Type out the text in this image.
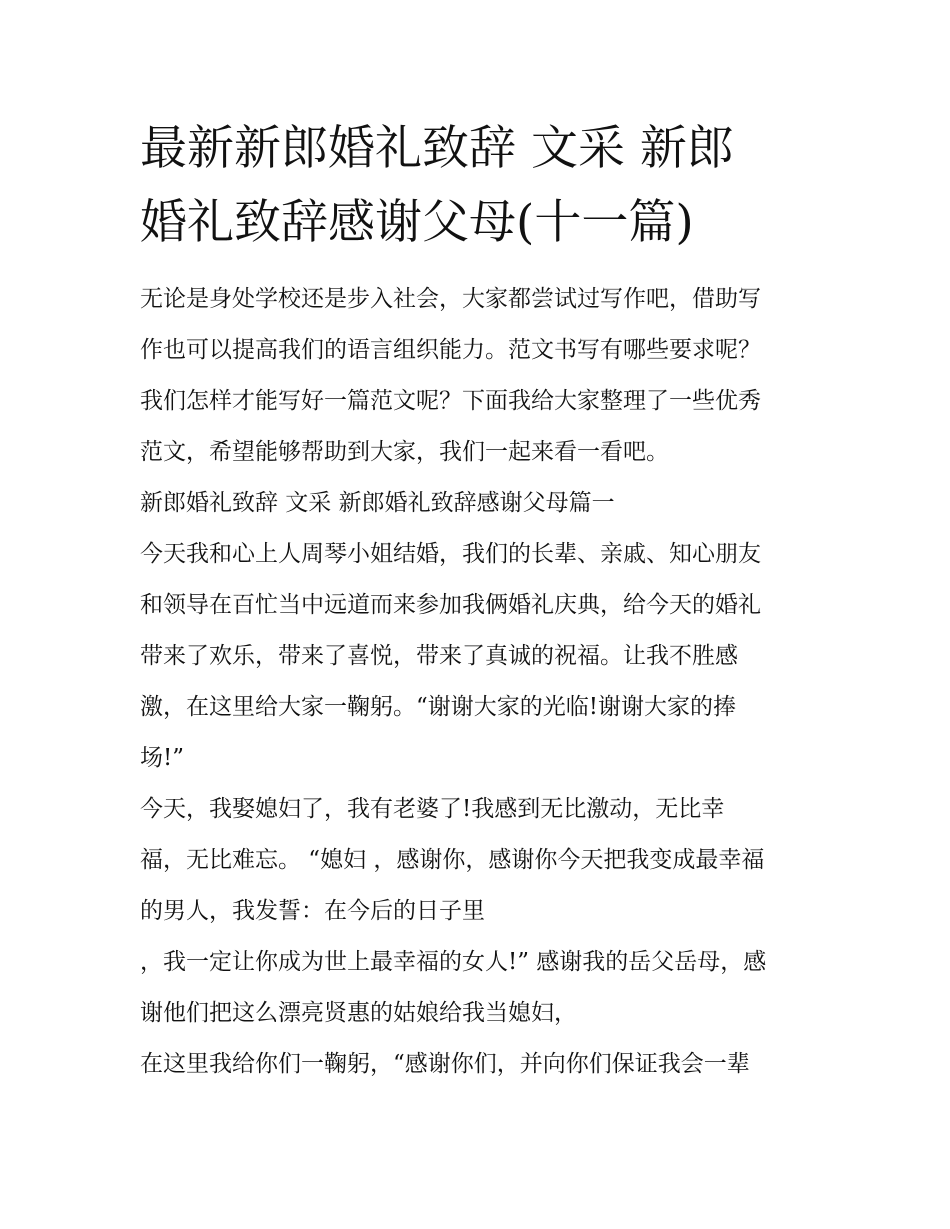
最新新郎婚礼致辞 文采 新郎
婚礼致辞感谢父母(十一篇)
无论是身处学校还是步入社会，大家都尝试过写作吧，借助写
作也可以提高我们的语言组织能力。范文书写有哪些要求呢？
我们怎样才能写好一篇范文呢？下面我给大家整理了一些优秀
范文，希望能够帮助到大家，我们一起来看一看吧。
新郎婚礼致辞 文采 新郎婚礼致辞感谢父母篇一
今天我和心上人周琴小姐结婚，我们的长辈、亲戚、知心朋友
和领导在百忙当中远道而来参加我俩婚礼庆典，给今天的婚礼
带来了欢乐，带来了喜悦，带来了真诚的祝福。让我不胜感
激，在这里给大家一鞠躬。“谢谢大家的光临!谢谢大家的捧
场!”
今天，我娶媳妇了，我有老婆了!我感到无比激动，无比幸
福，无比难忘。 “媳妇 ，感谢你，感谢你今天把我变成最幸福
的男人，我发誓：在今后的日子里
，我一定让你成为世上最幸福的女人!” 感谢我的岳父岳母，感
谢他们把这么漂亮贤惠的姑娘给我当媳妇，
在这里我给你们一鞠躬，“感谢你们，并向你们保证我会一辈
